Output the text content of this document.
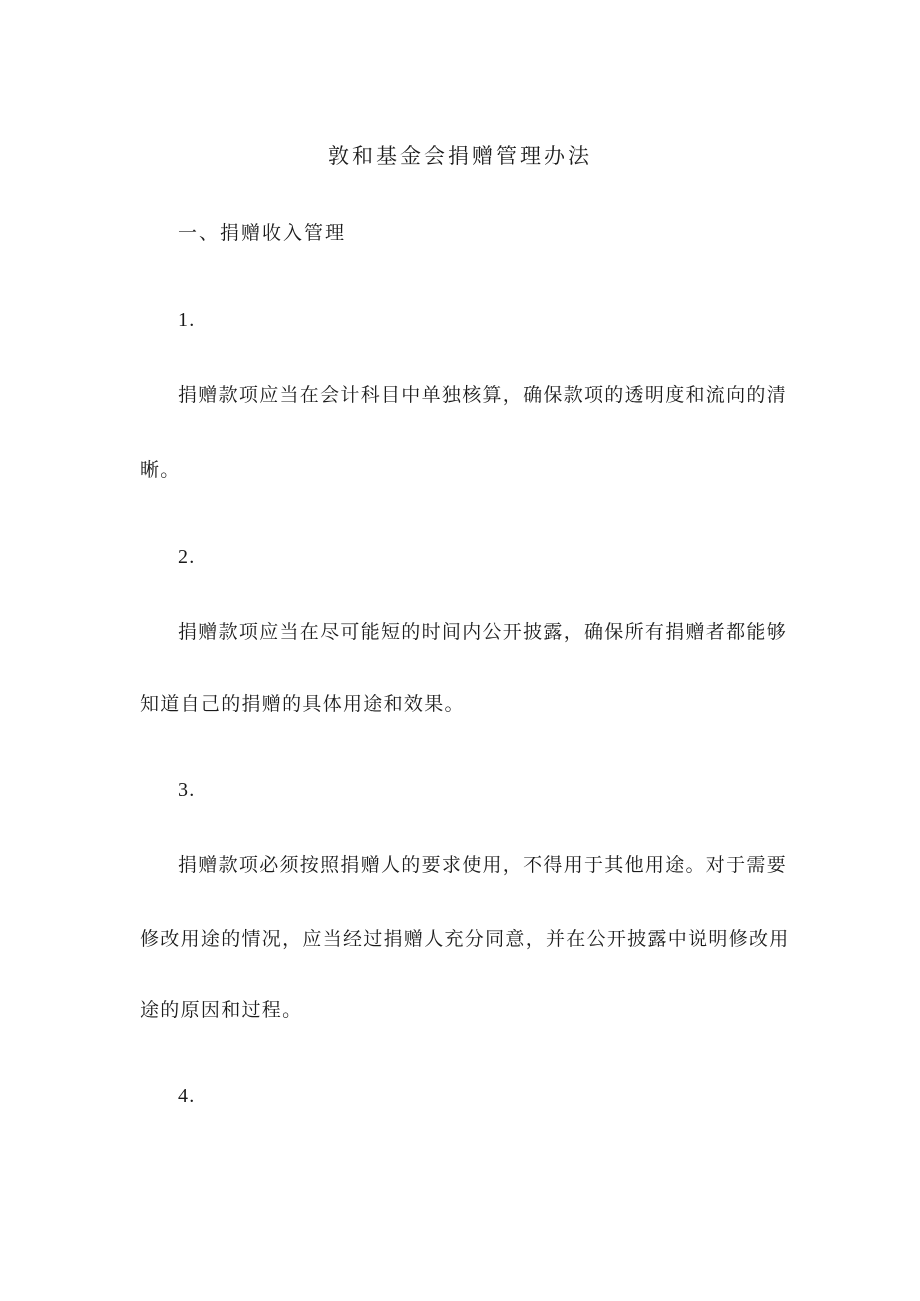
敦和基金会捐赠管理办法
一、捐赠收入管理
1.
捐赠款项应当在会计科目中单独核算，确保款项的透明度和流向的清
晰。
2.
捐赠款项应当在尽可能短的时间内公开披露，确保所有捐赠者都能够
知道自己的捐赠的具体用途和效果。
3.
捐赠款项必须按照捐赠人的要求使用，不得用于其他用途。对于需要
修改用途的情况，应当经过捐赠人充分同意，并在公开披露中说明修改用
途的原因和过程。
4.
